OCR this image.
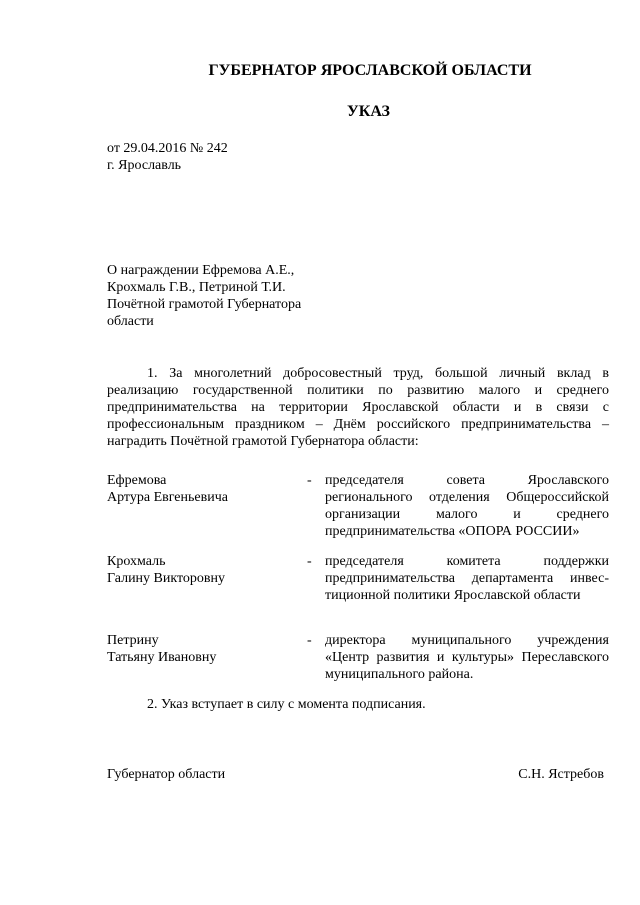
ГУБЕРНАТОР ЯРОСЛАВСКОЙ ОБЛАСТИ
УКАЗ
от 29.04.2016 № 242
г. Ярославль
О награждении Ефремова А.Е.,
Крохмаль Г.В., Петриной Т.И.
Почётной грамотой Губернатора
области
1. За многолетний добросовестный труд, большой личный вклад в реализацию государственной политики по развитию малого и среднего предпринимательства на территории Ярославской области и в связи с профессиональным праздником – Днём российского предпринимательства – наградить Почётной грамотой Губернатора области:
Ефремова
Артура Евгеньевича
- председателя совета Ярославского регионального отделения Общероссийской организации малого и среднего предпринимательства «ОПОРА РОССИИ»
Крохмаль
Галину Викторовну
- председателя комитета поддержки предпринимательства департамента инвес-тиционной политики Ярославской области
Петрину
Татьяну Ивановну
- директора муниципального учреждения «Центр развития и культуры» Переславского муниципального района.
2. Указ вступает в силу с момента подписания.
Губернатор области	С.Н. Ястребов
